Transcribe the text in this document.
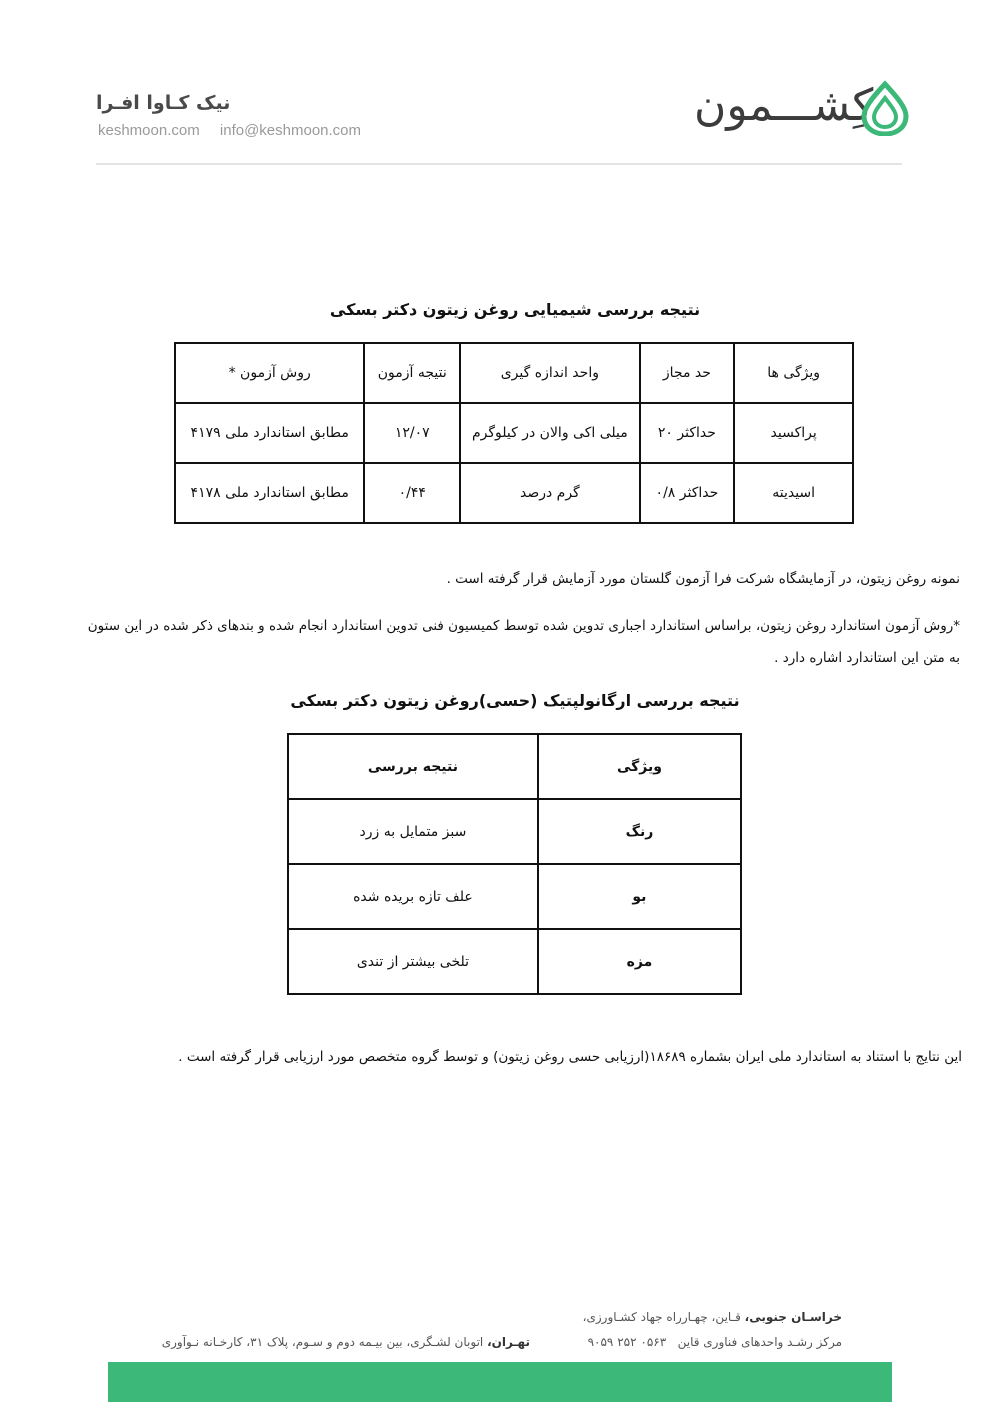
نیک کـاوا افـرا
keshmoon.com info@keshmoon.com	کِشـــمون
نتیجه بررسی شیمیایی روغن زیتون دکتر بسکی
ویژگی ها	حد مجاز	واحد اندازه گیری	نتیجه آزمون	روش آزمون *
پراکسید	حداکثر ۲۰	میلی اکی والان در کیلوگرم	۱۲/۰۷	مطابق استاندارد ملی ۴۱۷۹
اسیدیته	حداکثر ۰/۸	گرم درصد	۰/۴۴	مطابق استاندارد ملی ۴۱۷۸
نمونه روغن زیتون، در آزمایشگاه شرکت فرا آزمون گلستان مورد آزمایش قرار گرفته است .
*روش آزمون استاندارد روغن زیتون، براساس استاندارد اجباری تدوین شده توسط کمیسیون فنی تدوین استاندارد انجام شده و بندهای ذکر شده در این ستون
به متن این استاندارد اشاره دارد .
نتیجه بررسی ارگانولپتیک (حسی)روغن زیتون دکتر بسکی
ویژگی	نتیجه بررسی
رنگ	سبز متمایل به زرد
بو	علف تازه بریده شده
مزه	تلخی بیشتر از تندی
این نتایج با استناد به استاندارد ملی ایران بشماره ۱۸۶۸۹(ارزیابی حسی روغن زیتون) و توسط گروه متخصص مورد ارزیابی قرار گرفته است .
خراسـان جنوبی، قـاین، چهـارراه جهاد کشـاورزی،
مرکز رشـد واحدهای فناوری قاین   ۰۵۶۳ ۲۵۲ ۹۰۵۹
تهـران، اتوبان لشـگری، بین بیـمه دوم و سـوم، پلاک ۳۱، کارخـانه نـوآوری
